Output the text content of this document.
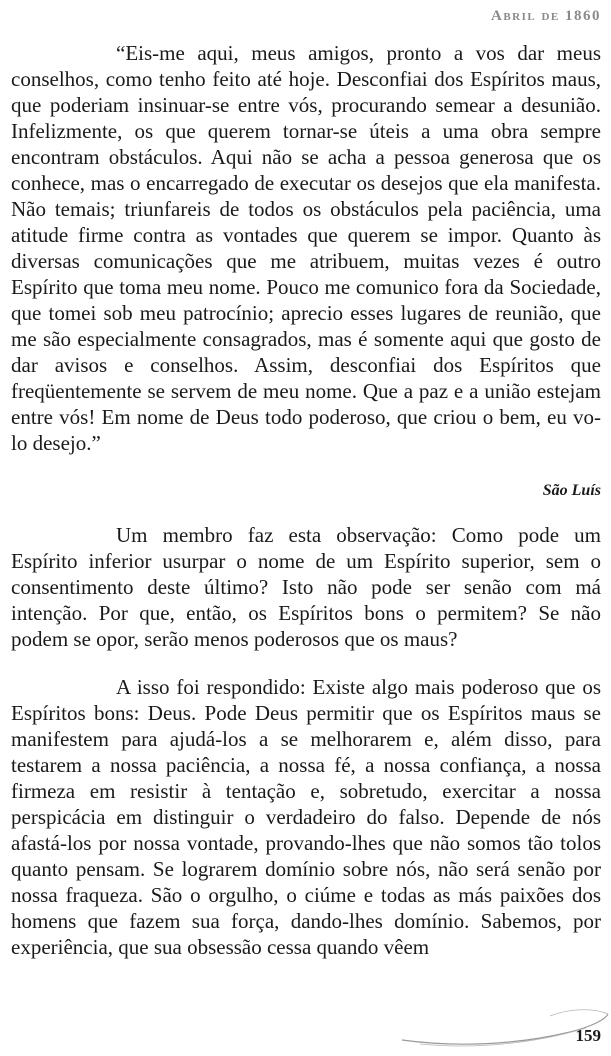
Abril de 1860

“Eis-me aqui, meus amigos, pronto a vos dar meus conselhos, como tenho feito até hoje. Desconfiai dos Espíritos maus, que poderiam insinuar-se entre vós, procurando semear a desunião. Infelizmente, os que querem tornar-se úteis a uma obra sempre encontram obstáculos. Aqui não se acha a pessoa generosa que os conhece, mas o encarregado de executar os desejos que ela manifesta. Não temais; triunfareis de todos os obstáculos pela paciência, uma atitude firme contra as vontades que querem se impor. Quanto às diversas comunicações que me atribuem, muitas vezes é outro Espírito que toma meu nome. Pouco me comunico fora da Sociedade, que tomei sob meu patrocínio; aprecio esses lugares de reunião, que me são especialmente consagrados, mas é somente aqui que gosto de dar avisos e conselhos. Assim, desconfiai dos Espíritos que freqüentemente se servem de meu nome. Que a paz e a união estejam entre vós! Em nome de Deus todo poderoso, que criou o bem, eu vo-lo desejo.”

São Luís

Um membro faz esta observação: Como pode um Espírito inferior usurpar o nome de um Espírito superior, sem o consentimento deste último? Isto não pode ser senão com má intenção. Por que, então, os Espíritos bons o permitem? Se não podem se opor, serão menos poderosos que os maus?

A isso foi respondido: Existe algo mais poderoso que os Espíritos bons: Deus. Pode Deus permitir que os Espíritos maus se manifestem para ajudá-los a se melhorarem e, além disso, para testarem a nossa paciência, a nossa fé, a nossa confiança, a nossa firmeza em resistir à tentação e, sobretudo, exercitar a nossa perspicácia em distinguir o verdadeiro do falso. Depende de nós afastá-los por nossa vontade, provando-lhes que não somos tão tolos quanto pensam. Se lograrem domínio sobre nós, não será senão por nossa fraqueza. São o orgulho, o ciúme e todas as más paixões dos homens que fazem sua força, dando-lhes domínio. Sabemos, por experiência, que sua obsessão cessa quando vêem

159
